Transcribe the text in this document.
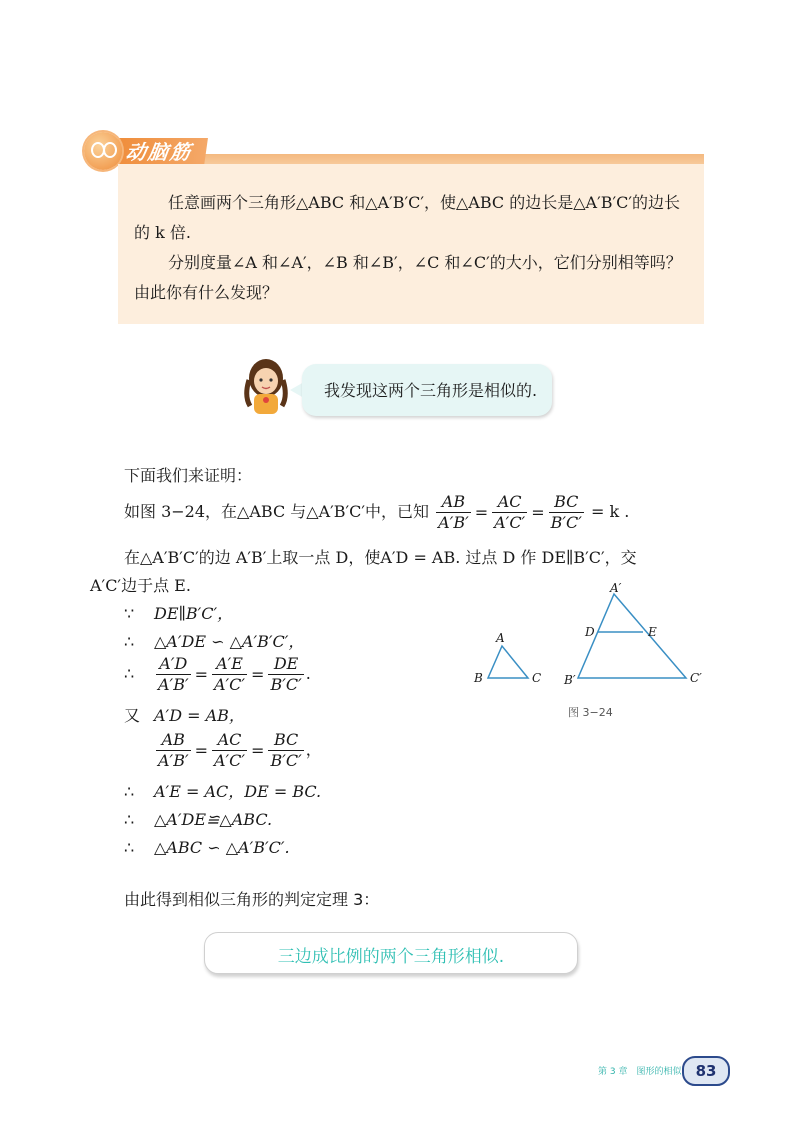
动脑筋

任意画两个三角形△ABC 和△A′B′C′，使△ABC 的边长是△A′B′C′的边长

的 k 倍.

分别度量∠A 和∠A′，∠B 和∠B′，∠C 和∠C′的大小，它们分别相等吗？

由此你有什么发现？

我发现这两个三角形是相似的.
下面我们来证明：
如图 3−24，在△ABC 与△A′B′C′中，已知 $\frac{AB}{A'B'} = \frac{AC}{A'C'} = \frac{BC}{B'C'} = k$ .
在△A′B′C′的边 A′B′上取一点 D，使A′D = AB. 过点 D 作 DE∥B′C′，交
A′C′边于点 E.
∵ DE∥B′C′，
∴ △A′DE ∽ △A′B′C′，
∴ $\frac{A'D}{A'B'} = \frac{A'E}{A'C'} = \frac{DE}{B'C'}$ .
又 A′D = AB，
$\frac{AB}{A'B'} = \frac{AC}{A'C'} = \frac{BC}{B'C'}$ ，
∴ A′E = AC，DE = BC.
∴ △A′DE≌△ABC.
∴ △ABC ∽ △A′B′C′.
A
B	C
A′
D	E
B′	C′
图 3−24
由此得到相似三角形的判定定理 3：
三边成比例的两个三角形相似.
第 3 章　图形的相似 83
